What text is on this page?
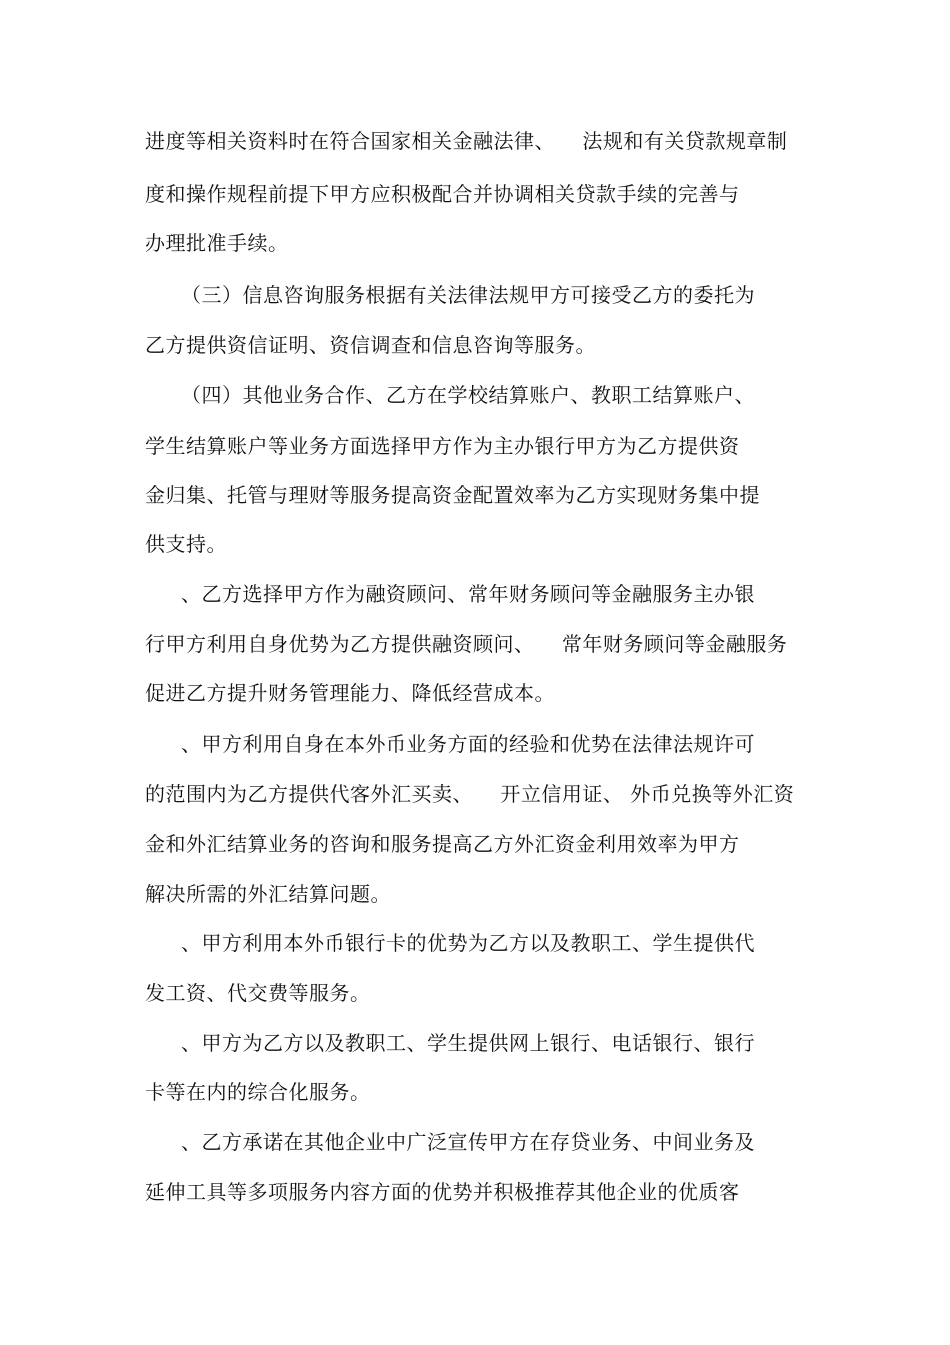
进度等相关资料时在符合国家相关金融法律、    法规和有关贷款规章制
度和操作规程前提下甲方应积极配合并协调相关贷款手续的完善与
办理批准手续。
（三）信息咨询服务根据有关法律法规甲方可接受乙方的委托为
乙方提供资信证明、资信调查和信息咨询等服务。
（四）其他业务合作、乙方在学校结算账户、教职工结算账户、
学生结算账户等业务方面选择甲方作为主办银行甲方为乙方提供资
金归集、托管与理财等服务提高资金配置效率为乙方实现财务集中提
供支持。
、乙方选择甲方作为融资顾问、常年财务顾问等金融服务主办银
行甲方利用自身优势为乙方提供融资顾问、    常年财务顾问等金融服务
促进乙方提升财务管理能力、降低经营成本。
、甲方利用自身在本外币业务方面的经验和优势在法律法规许可
的范围内为乙方提供代客外汇买卖、    开立信用证、 外币兑换等外汇资
金和外汇结算业务的咨询和服务提高乙方外汇资金利用效率为甲方
解决所需的外汇结算问题。
、甲方利用本外币银行卡的优势为乙方以及教职工、学生提供代
发工资、代交费等服务。
、甲方为乙方以及教职工、学生提供网上银行、电话银行、银行
卡等在内的综合化服务。
、乙方承诺在其他企业中广泛宣传甲方在存贷业务、中间业务及
延伸工具等多项服务内容方面的优势并积极推荐其他企业的优质客
